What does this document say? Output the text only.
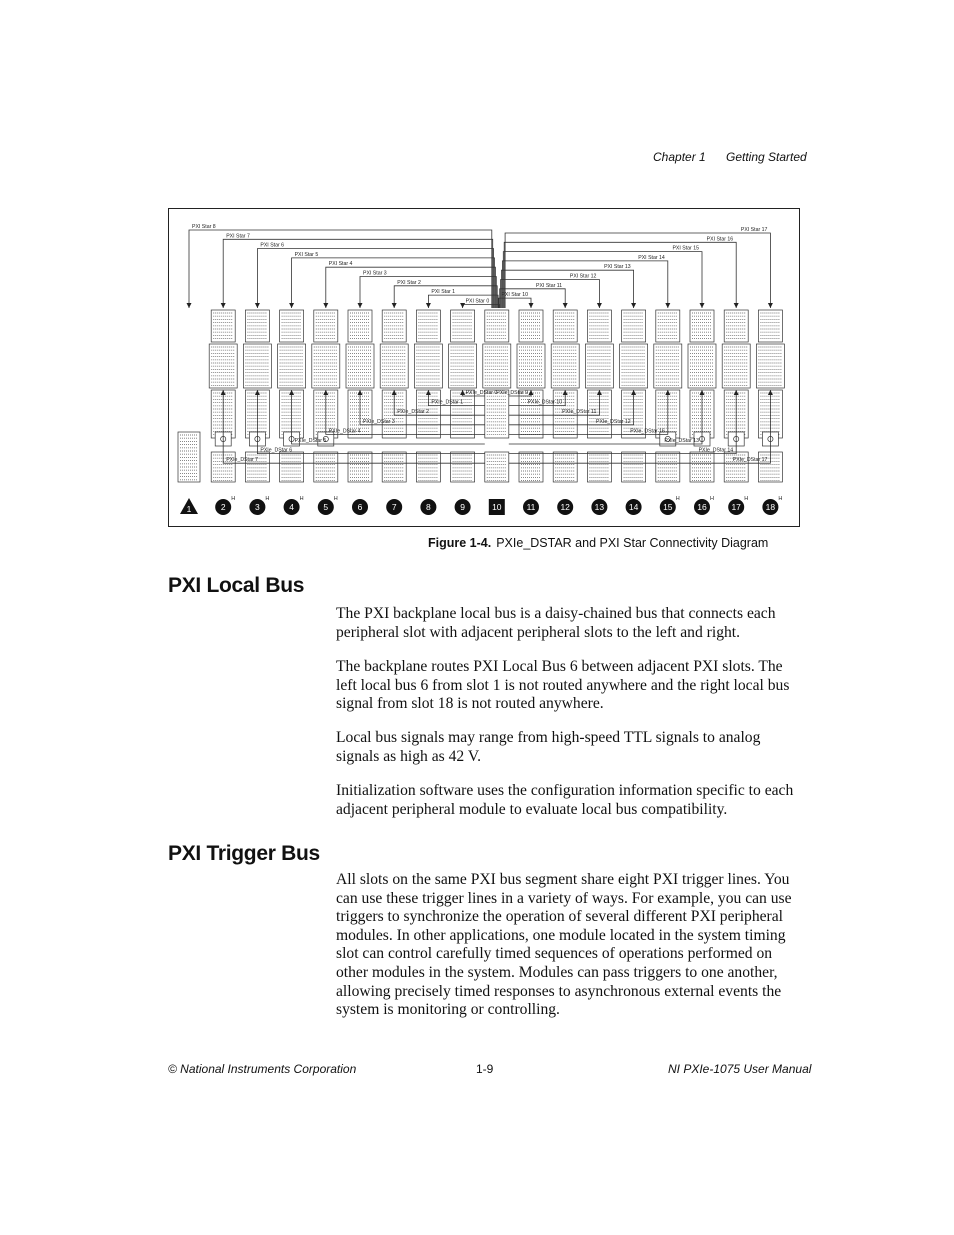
Chapter 1 Getting Started
PXI Star 8
PXI Star 7
PXI Star 6
PXI Star 5
PXI Star 4
PXI Star 3
PXI Star 2
PXI Star 1
PXI Star 0
PXI Star 10
PXI Star 11
PXI Star 12
PXI Star 13
PXI Star 14
PXI Star 15
PXI Star 16
PXI Star 17
PXIe_DStar 0
PXIe_DStar 1
PXIe_DStar 2
PXIe_DStar 3
PXIe_DStar 4
PXIe_DStar 5
PXIe_DStar 6
PXIe_DStar 7
PXIe_DStar 9
PXIe_DStar 10
PXIe_DStar 11
PXIe_DStar 12
PXIe_DStar 16
PXIe_DStar 13
PXIe_DStar 14
PXIe_DStar 17
1	2
H
3
H
4
H
5
H
6	7	8	9	10	11	12	13	14	15
H
16
H
17
H
18
H
Figure 1-4. PXIe_DSTAR and PXI Star Connectivity Diagram
PXI Local Bus

The PXI backplane local bus is a daisy-chained bus that connects each peripheral slot with adjacent peripheral slots to the left and right.

The backplane routes PXI Local Bus 6 between adjacent PXI slots. The left local bus 6 from slot 1 is not routed anywhere and the right local bus signal from slot 18 is not routed anywhere.

Local bus signals may range from high-speed TTL signals to analog signals as high as 42 V.

Initialization software uses the configuration information specific to each adjacent peripheral module to evaluate local bus compatibility.

PXI Trigger Bus

All slots on the same PXI bus segment share eight PXI trigger lines. You can use these trigger lines in a variety of ways. For example, you can use triggers to synchronize the operation of several different PXI peripheral modules. In other applications, one module located in the system timing slot can control carefully timed sequences of operations performed on other modules in the system. Modules can pass triggers to one another, allowing precisely timed responses to asynchronous external events the system is monitoring or controlling.

© National Instruments Corporation	1-9	NI PXIe-1075 User Manual
